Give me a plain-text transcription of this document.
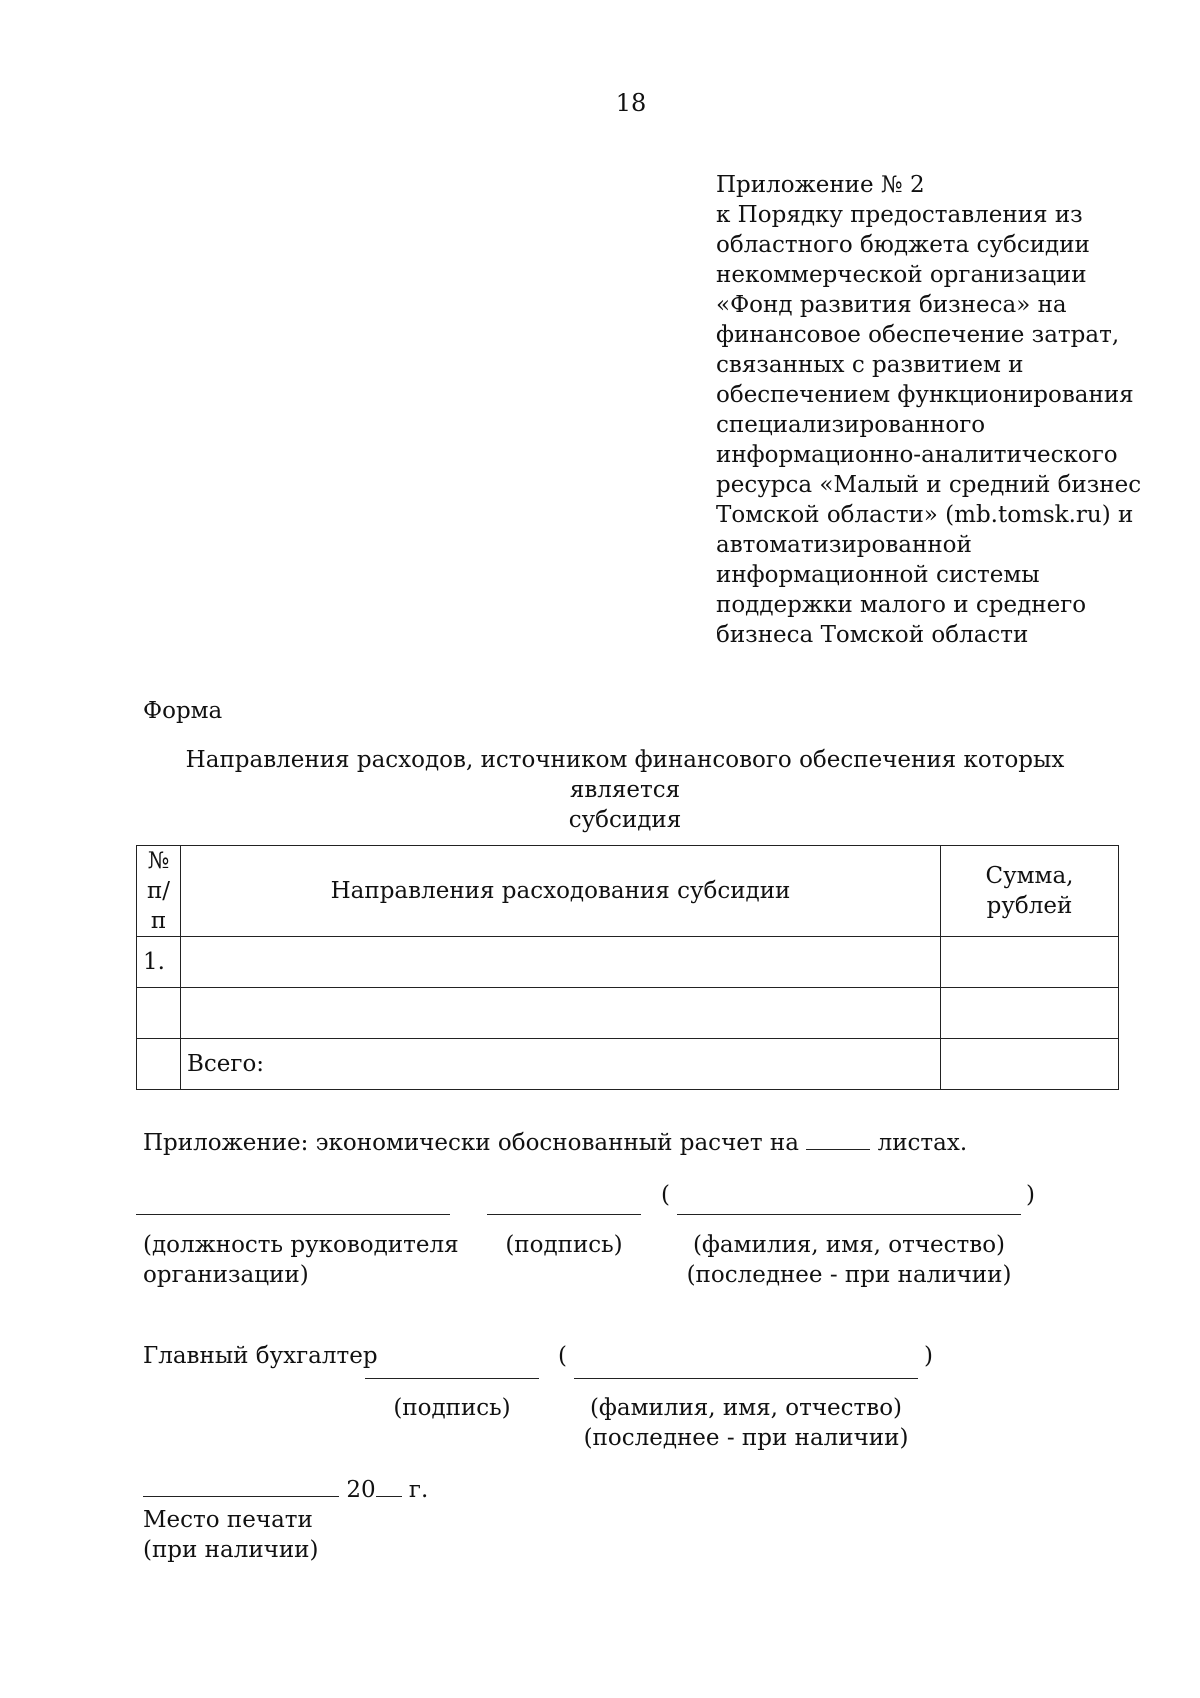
18
Приложение № 2
к Порядку предоставления из
областного бюджета субсидии
некоммерческой организации
«Фонд развития бизнеса» на
финансовое обеспечение затрат,
связанных с развитием и
обеспечением функционирования
специализированного
информационно-аналитического
ресурса «Малый и средний бизнес
Томской области» (mb.tomsk.ru) и
автоматизированной
информационной системы
поддержки малого и среднего
бизнеса Томской области
Форма
Направления расходов, источником финансового обеспечения которых является
субсидия
№
п/п	Направления расходования субсидии	Сумма, рублей
1.		

	Всего:	
Приложение: экономически обоснованный расчет на	листах.
(	)
(должность руководителя
организации)
(подпись)	(фамилия, имя, отчество)
(последнее - при наличии)
Главный бухгалтер	(	)
(подпись)	(фамилия, имя, отчество)
(последнее - при наличии)
20 г.
Место печати
(при наличии)
